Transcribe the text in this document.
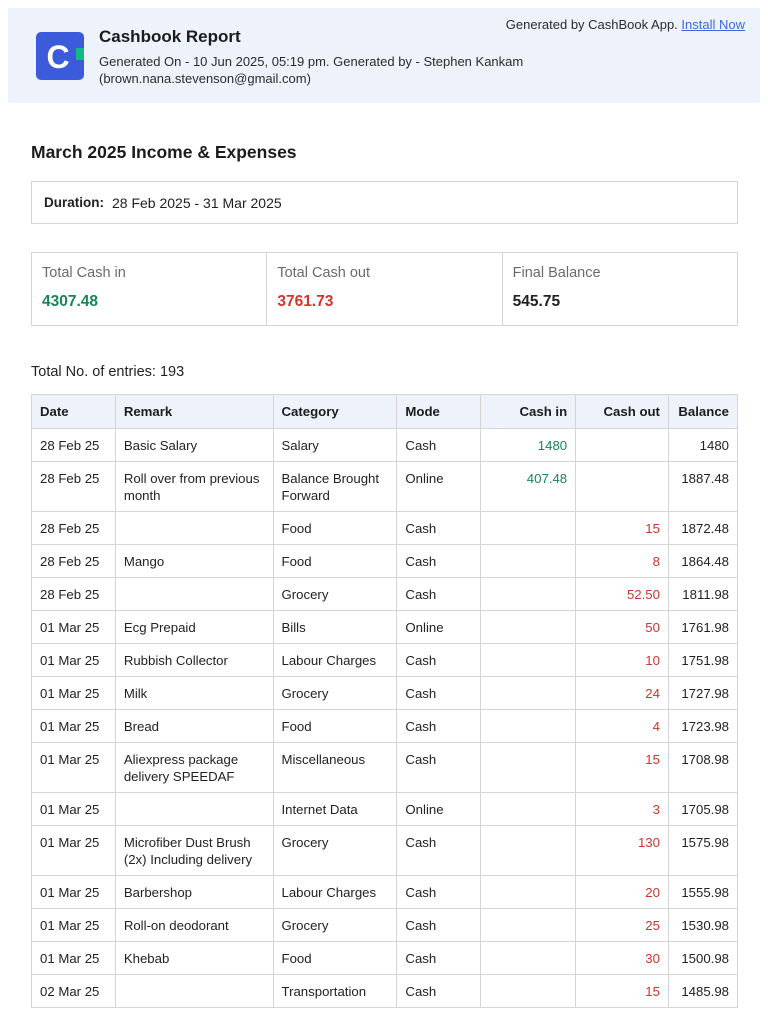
C
Cashbook Report
Generated On - 10 Jun 2025, 05:19 pm. Generated by - Stephen Kankam (brown.nana.stevenson@gmail.com)
Generated by CashBook App. Install Now
March 2025 Income & Expenses
Duration: 28 Feb 2025 - 31 Mar 2025
Total Cash in
4307.48
Total Cash out
3761.73
Final Balance
545.75
Total No. of entries: 193
Date	Remark	Category	Mode	Cash in	Cash out	Balance
28 Feb 25	Basic Salary	Salary	Cash	1480		1480
28 Feb 25	Roll over from previous month	Balance Brought Forward	Online	407.48		1887.48
28 Feb 25		Food	Cash		15	1872.48
28 Feb 25	Mango	Food	Cash		8	1864.48
28 Feb 25		Grocery	Cash		52.50	1811.98
01 Mar 25	Ecg Prepaid	Bills	Online		50	1761.98
01 Mar 25	Rubbish Collector	Labour Charges	Cash		10	1751.98
01 Mar 25	Milk	Grocery	Cash		24	1727.98
01 Mar 25	Bread	Food	Cash		4	1723.98
01 Mar 25	Aliexpress package delivery SPEEDAF	Miscellaneous	Cash		15	1708.98
01 Mar 25		Internet Data	Online		3	1705.98
01 Mar 25	Microfiber Dust Brush (2x) Including delivery	Grocery	Cash		130	1575.98
01 Mar 25	Barbershop	Labour Charges	Cash		20	1555.98
01 Mar 25	Roll-on deodorant	Grocery	Cash		25	1530.98
01 Mar 25	Khebab	Food	Cash		30	1500.98
02 Mar 25		Transportation	Cash		15	1485.98
